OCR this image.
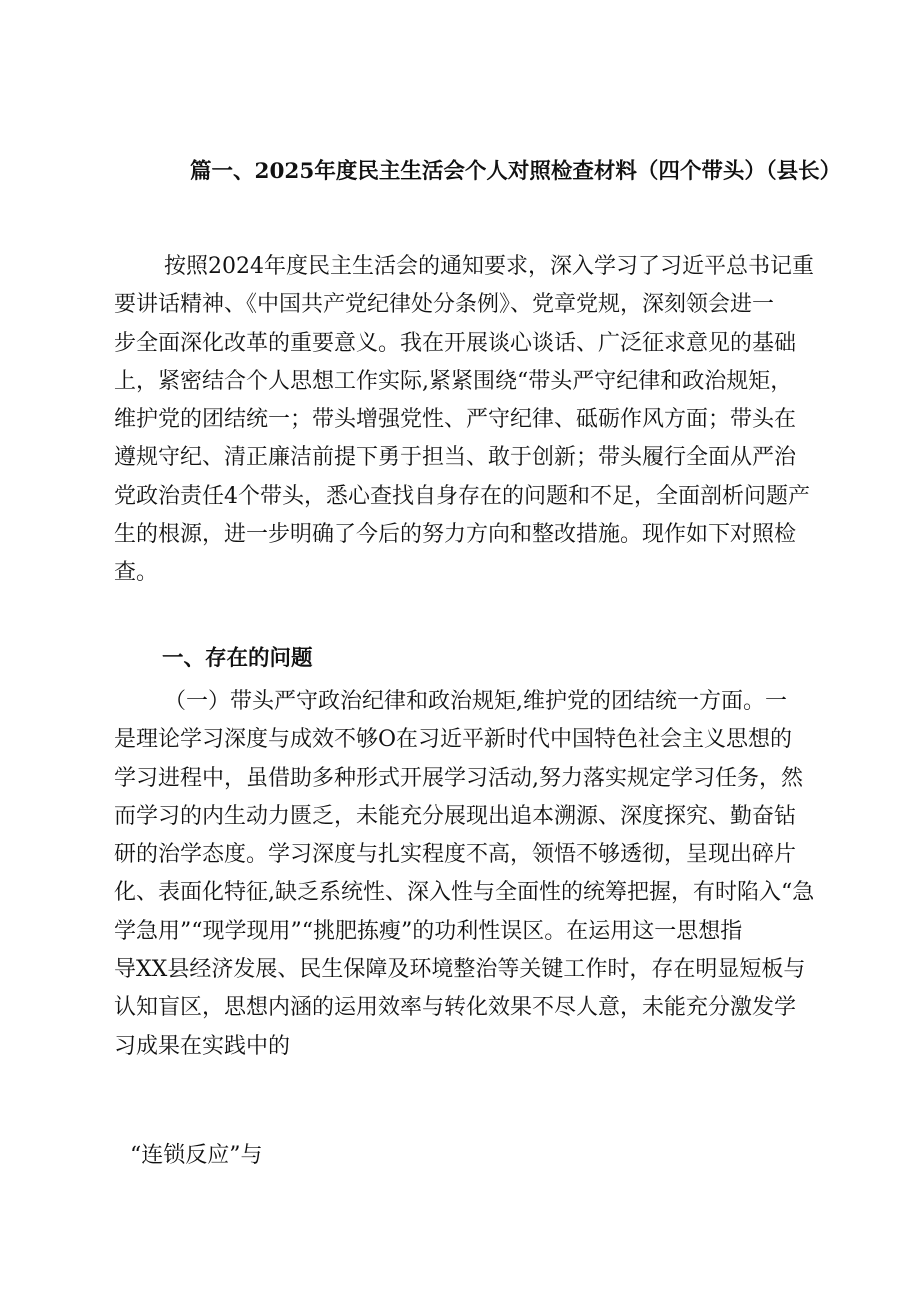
篇一、2025年度民主生活会个人对照检查材料（四个带头）（县长）

按照2024年度民主生活会的通知要求，深入学习了习近平总书记重
要讲话精神、《中国共产党纪律处分条例》、党章党规，深刻领会进一
步全面深化改革的重要意义。我在开展谈心谈话、广泛征求意见的基础
上，紧密结合个人思想工作实际,紧紧围绕“带头严守纪律和政治规矩，
维护党的团结统一；带头增强党性、严守纪律、砥砺作风方面；带头在
遵规守纪、清正廉洁前提下勇于担当、敢于创新；带头履行全面从严治
党政治责任4个带头，悉心查找自身存在的问题和不足，全面剖析问题产
生的根源，进一步明确了今后的努力方向和整改措施。现作如下对照检
查。

一、存在的问题

（一）带头严守政治纪律和政治规矩,维护党的团结统一方面。一
是理论学习深度与成效不够O在习近平新时代中国特色社会主义思想的
学习进程中，虽借助多种形式开展学习活动,努力落实规定学习任务，然
而学习的内生动力匮乏，未能充分展现出追本溯源、深度探究、勤奋钻
研的治学态度。学习深度与扎实程度不高，领悟不够透彻，呈现出碎片
化、表面化特征,缺乏系统性、深入性与全面性的统筹把握，有时陷入“急
学急用”“现学现用”“挑肥拣瘦”的功利性误区。在运用这一思想指
导XX县经济发展、民生保障及环境整治等关键工作时，存在明显短板与
认知盲区，思想内涵的运用效率与转化效果不尽人意，未能充分激发学
习成果在实践中的

“连锁反应”与
